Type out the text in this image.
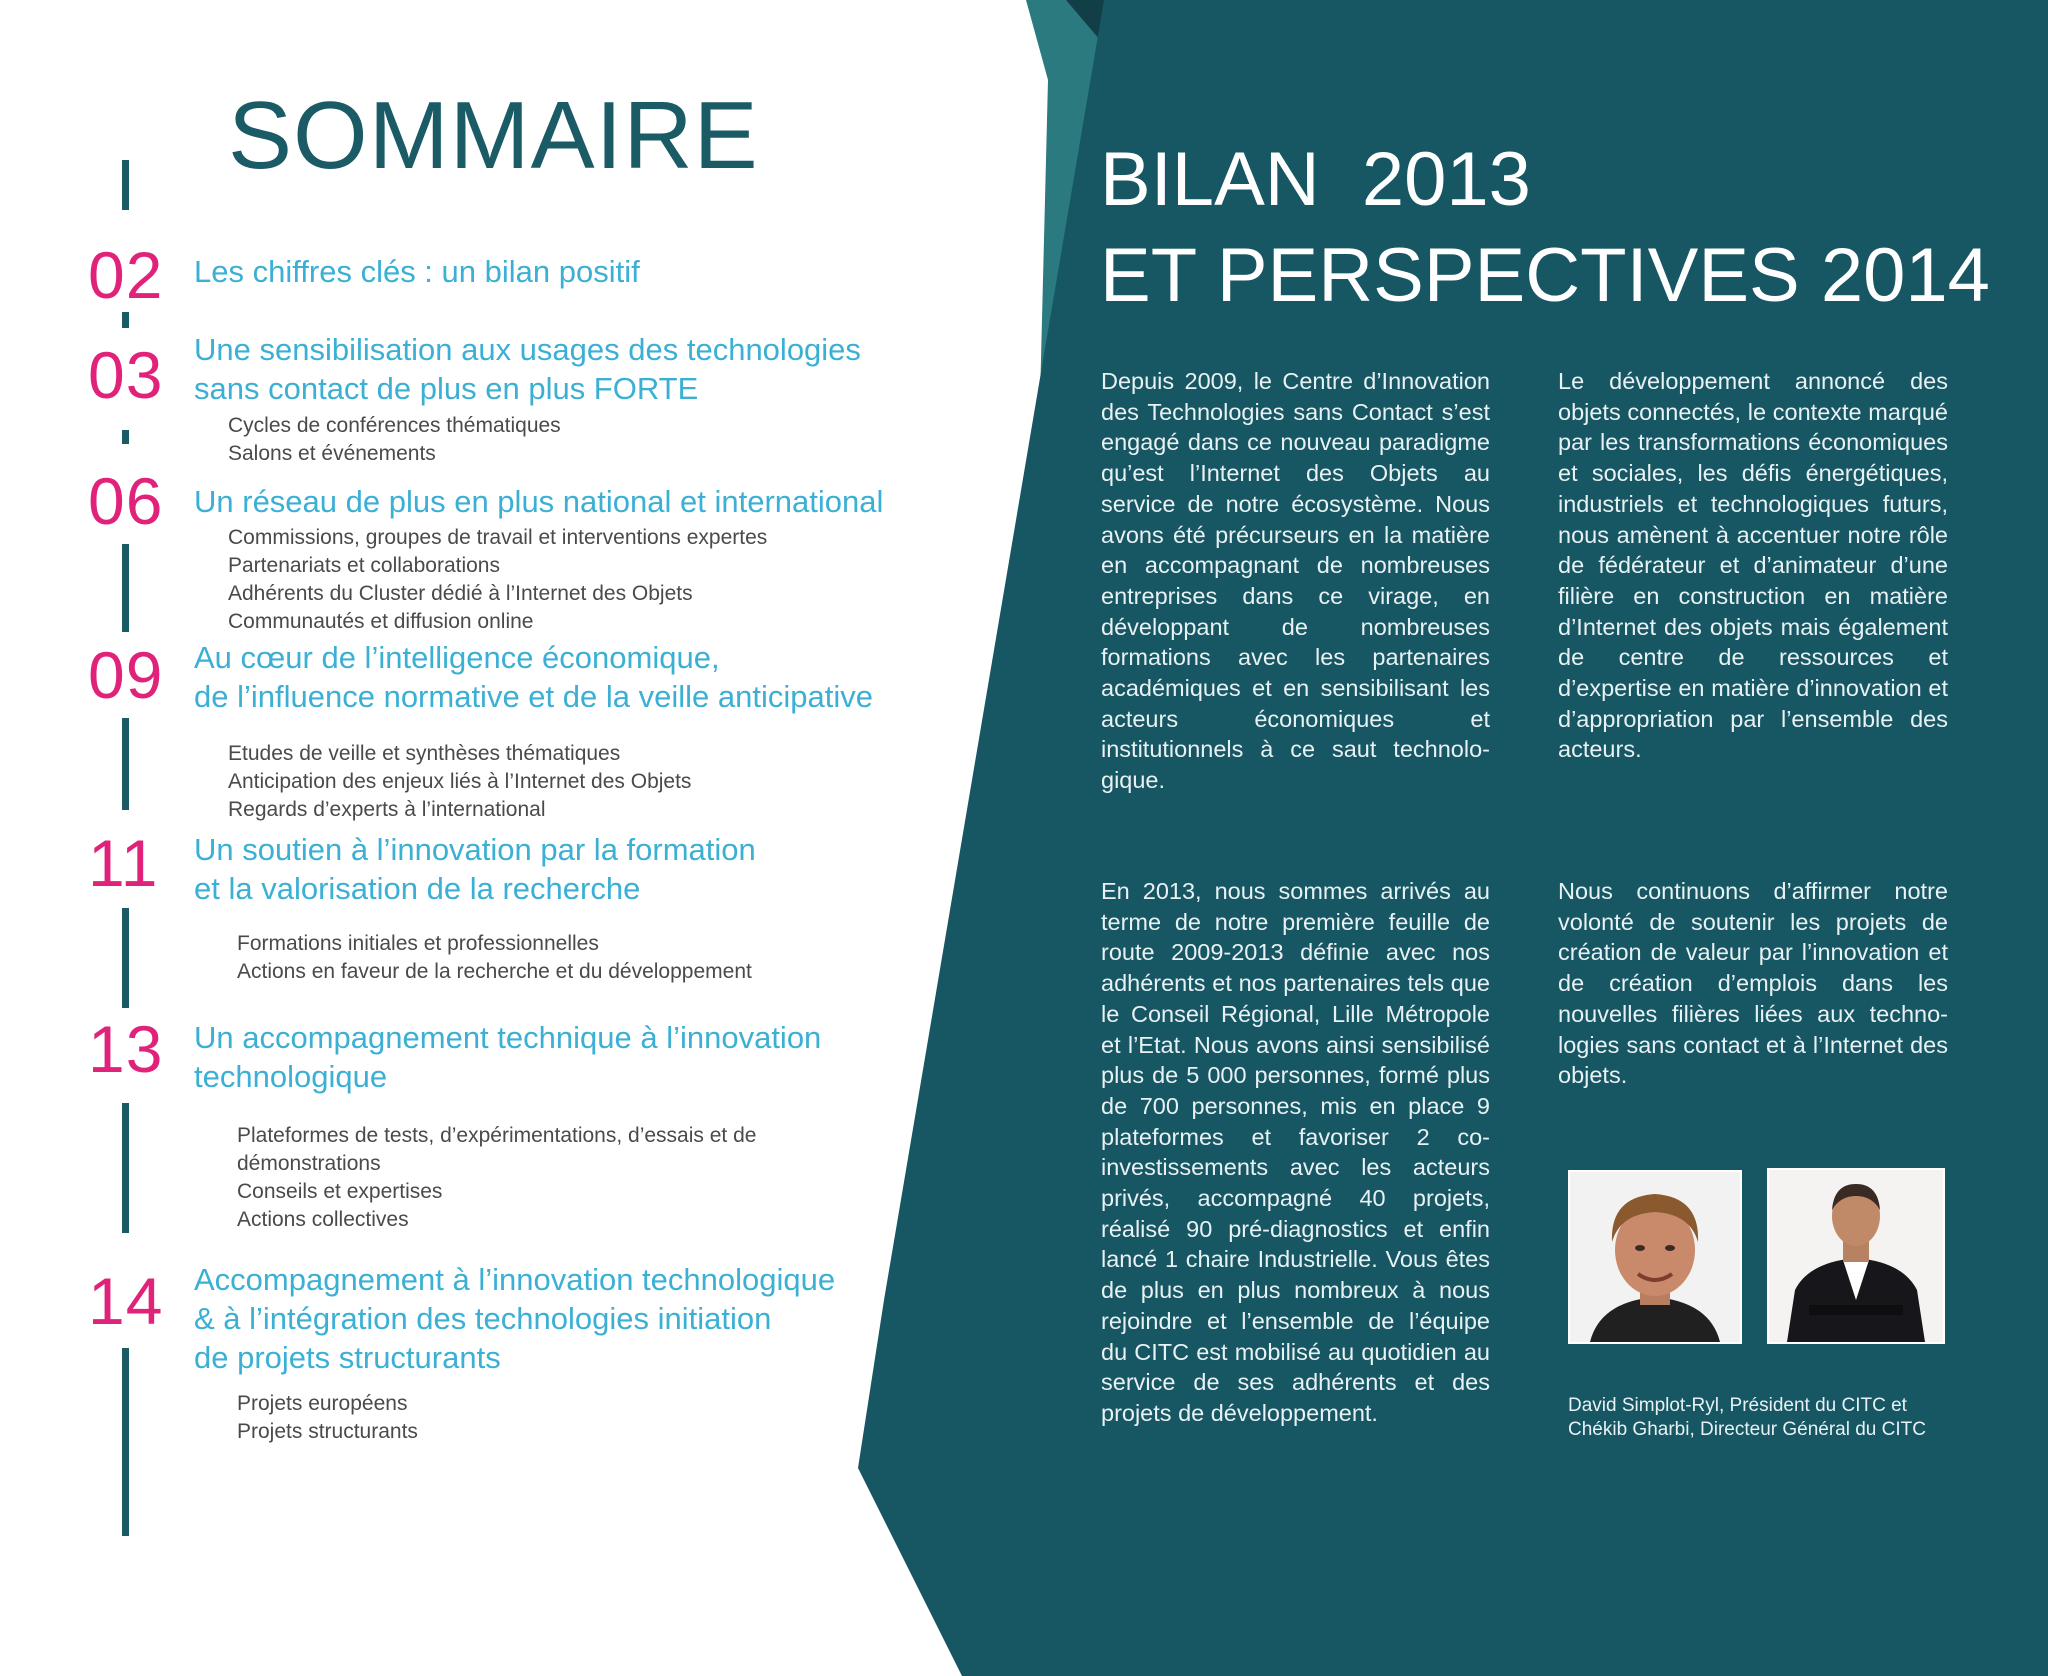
SOMMAIRE
02 Les chiffres clés : un bilan positif
03 Une sensibilisation aux usages des technologies
sans contact de plus en plus FORTE
Cycles de conférences thématiques
Salons et événements
06 Un réseau de plus en plus national et international
Commissions, groupes de travail et interventions expertes
Partenariats et collaborations
Adhérents du Cluster dédié à l’Internet des Objets
Communautés et diffusion online
09 Au cœur de l’intelligence économique,
de l’influence normative et de la veille anticipative
Etudes de veille et synthèses thématiques
Anticipation des enjeux liés à l’Internet des Objets
Regards d’experts à l’international
11	Un soutien à l’innovation par la formation
et la valorisation de la recherche
Formations initiales et professionnelles
Actions en faveur de la recherche et du développement
13 Un accompagnement technique à l’innovation
technologique
Plateformes de tests, d’expérimentations, d’essais et de
démonstrations
Conseils et expertises
Actions collectives
14 Accompagnement à l’innovation technologique
& à l’intégration des technologies initiation
de projets structurants
Projets européens
Projets structurants
BILAN  2013
ET PERSPECTIVES 2014

Depuis 2009, le Centre d’Innovation des Technologies sans Contact s’est engagé dans ce nouveau paradigme qu’est l’Internet des Objets au service de notre écosystème. Nous avons été précurseurs en la matière en accompagnant de nombreuses entreprises dans ce virage, en développant de nombreuses formations avec les partenaires académiques et en sensibilisant les acteurs économiques et institutionnels à ce saut technologique.

En 2013, nous sommes arrivés au terme de notre première feuille de route 2009-2013 définie avec nos adhérents et nos partenaires tels que le Conseil Régional, Lille Métropole et l’Etat. Nous avons ainsi sensibilisé plus de 5 000 personnes, formé plus de 700 personnes, mis en place 9 plateformes et favoriser 2 co-investissements avec les acteurs privés, accompagné 40 projets, réalisé 90 pré-diagnostics et enfin lancé 1 chaire Industrielle. Vous êtes de plus en plus nombreux à nous rejoindre et l’ensemble de l’équipe du CITC est mobilisé au quotidien au service de ses adhérents et des projets de développement.

Le développement annoncé des objets connectés, le contexte marqué par les transformations économiques et sociales, les défis énergétiques, industriels et technologiques futurs, nous amènent à accentuer notre rôle de fédérateur et d’animateur d’une filière en construction en matière d’Internet des objets mais également de centre de ressources et d’expertise en matière d’innovation et d’appropriation par l’ensemble des acteurs.

Nous continuons d’affirmer notre volonté de soutenir les projets de création de valeur par l’innovation et de création d’emplois dans les nouvelles filières liées aux technologies sans contact et à l’Internet des objets.

David Simplot-Ryl, Président du CITC et
Chékib Gharbi, Directeur Général du CITC
